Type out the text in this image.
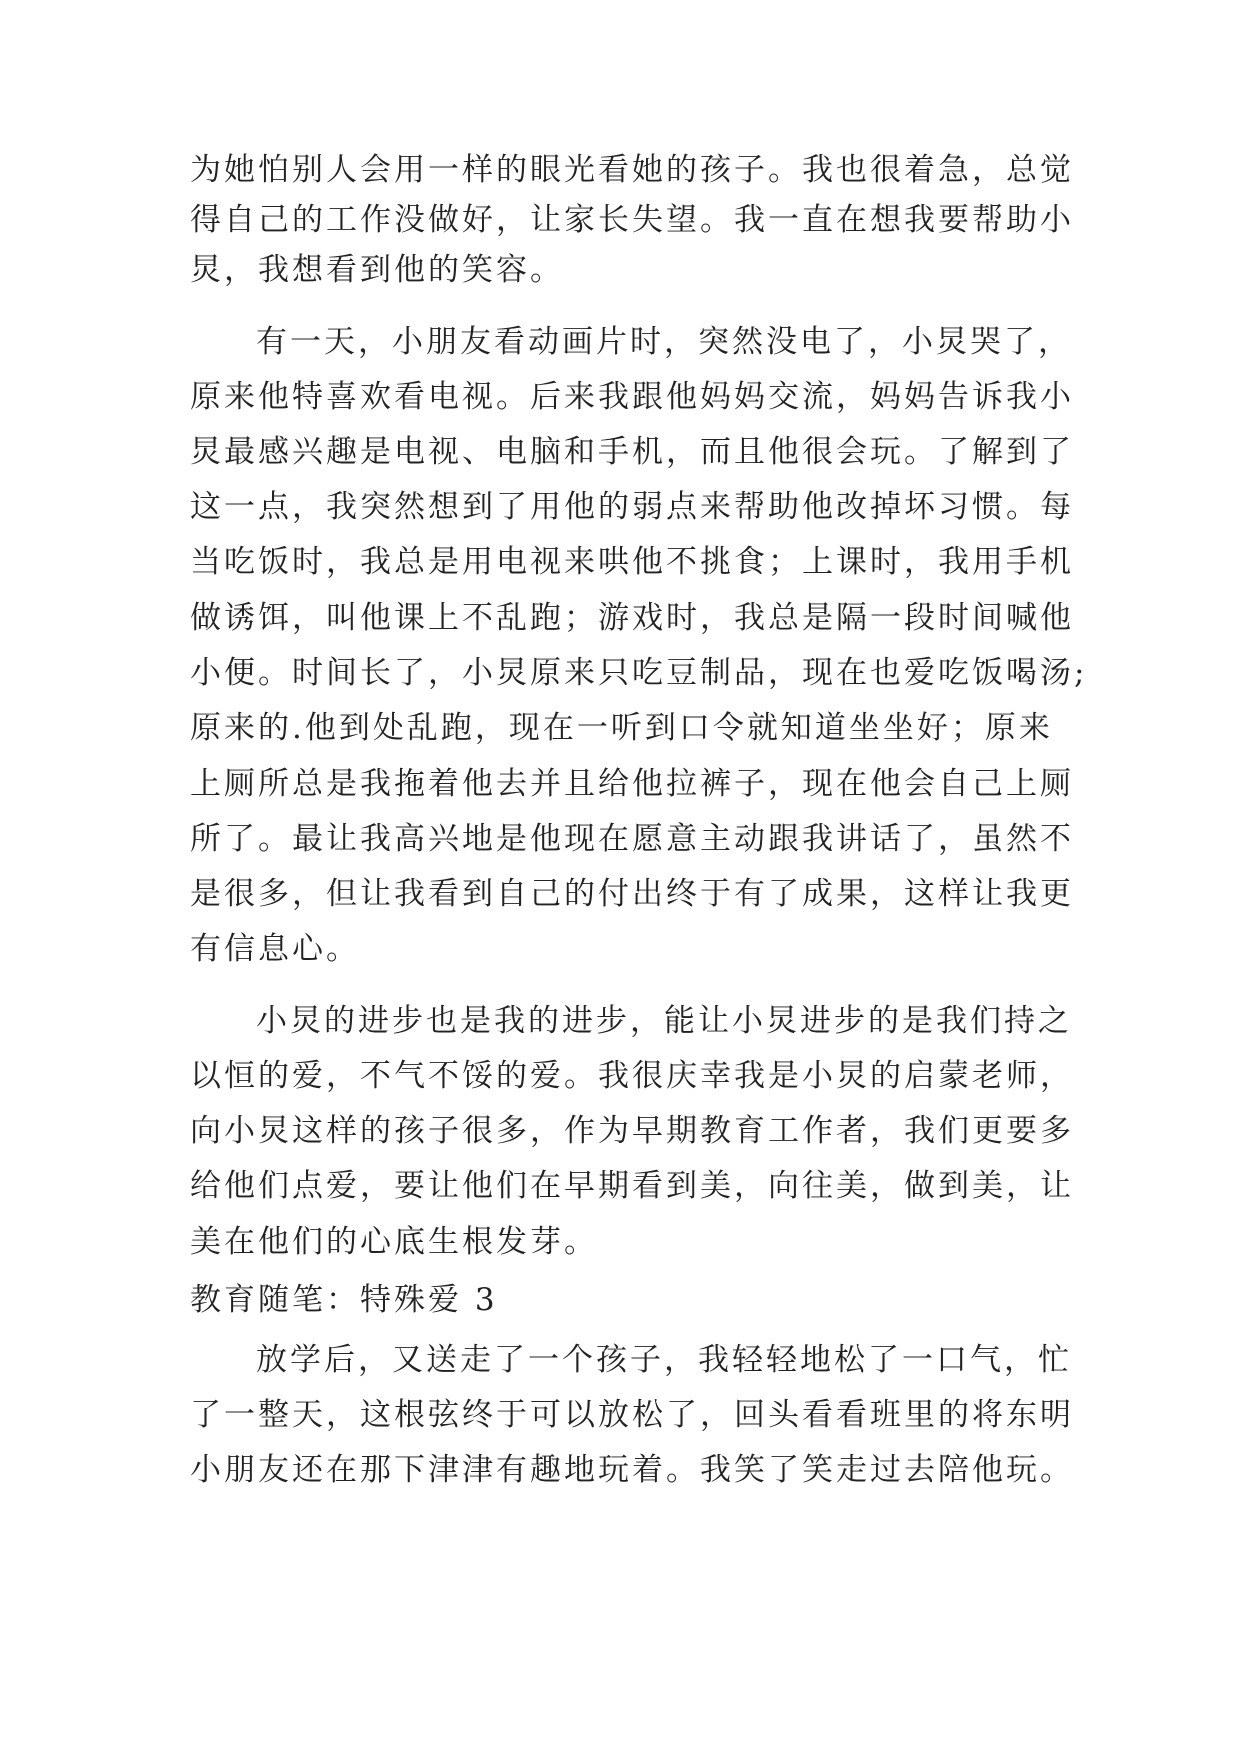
为她怕别人会用一样的眼光看她的孩子。我也很着急，总觉
得自己的工作没做好，让家长失望。我一直在想我要帮助小
炅，我想看到他的笑容。
有一天，小朋友看动画片时，突然没电了，小炅哭了，
原来他特喜欢看电视。后来我跟他妈妈交流，妈妈告诉我小
炅最感兴趣是电视、电脑和手机，而且他很会玩。了解到了
这一点，我突然想到了用他的弱点来帮助他改掉坏习惯。每
当吃饭时，我总是用电视来哄他不挑食；上课时，我用手机
做诱饵，叫他课上不乱跑；游戏时，我总是隔一段时间喊他
小便。时间长了，小炅原来只吃豆制品，现在也爱吃饭喝汤;
原来的.他到处乱跑，现在一听到口令就知道坐坐好；原来
上厕所总是我拖着他去并且给他拉裤子，现在他会自己上厕
所了。最让我高兴地是他现在愿意主动跟我讲话了，虽然不
是很多，但让我看到自己的付出终于有了成果，这样让我更
有信息心。
小炅的进步也是我的进步，能让小炅进步的是我们持之
以恒的爱，不气不馁的爱。我很庆幸我是小炅的启蒙老师，
向小炅这样的孩子很多，作为早期教育工作者，我们更要多
给他们点爱，要让他们在早期看到美，向往美，做到美，让
美在他们的心底生根发芽。
教育随笔：特殊爱 3
放学后，又送走了一个孩子，我轻轻地松了一口气，忙
了一整天，这根弦终于可以放松了，回头看看班里的将东明
小朋友还在那下津津有趣地玩着。我笑了笑走过去陪他玩。
